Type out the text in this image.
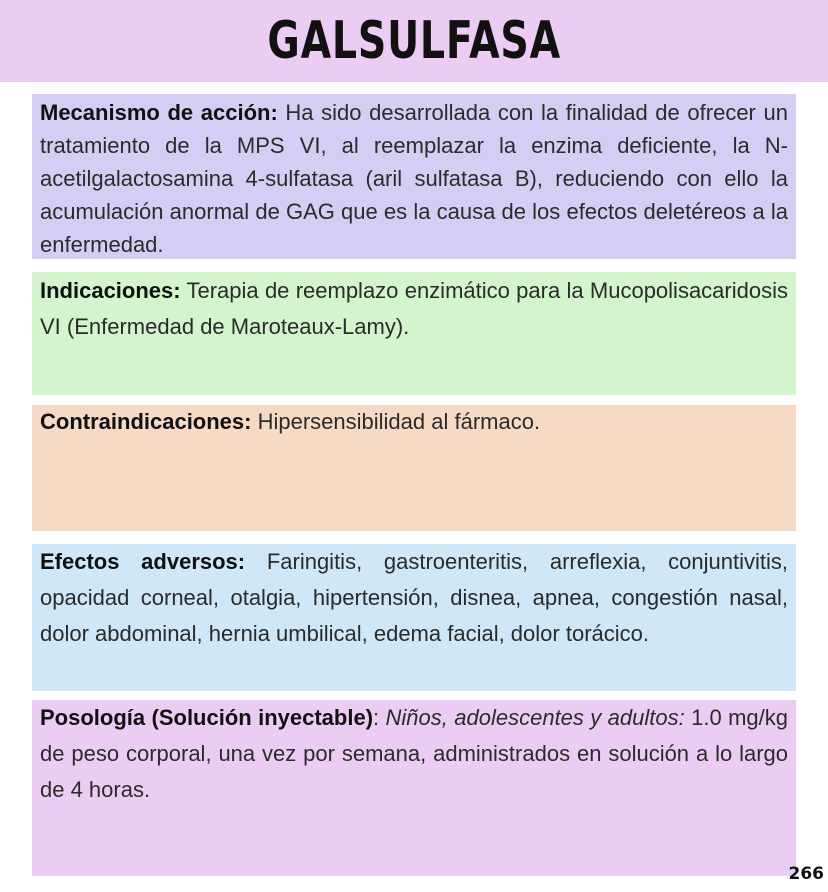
GALSULFASA
Mecanismo de acción: Ha sido desarrollada con la finalidad de ofrecer un tratamiento de la MPS VI, al reemplazar la enzima deficiente, la N-acetilgalactosamina 4-sulfatasa (aril sulfatasa B), reduciendo con ello la acumulación anormal de GAG que es la causa de los efectos deletéreos a la enfermedad.
Indicaciones: Terapia de reemplazo enzimático para la Mucopolisacaridosis VI (Enfermedad de Maroteaux-Lamy).
Contraindicaciones: Hipersensibilidad al fármaco.
Efectos adversos: Faringitis, gastroenteritis, arreflexia, conjuntivitis, opacidad corneal, otalgia, hipertensión, disnea, apnea, congestión nasal, dolor abdominal, hernia umbilical, edema facial, dolor torácico.
Posología (Solución inyectable): Niños, adolescentes y adultos: 1.0 mg/kg de peso corporal, una vez por semana, administrados en solución a lo largo de 4 horas.
266
